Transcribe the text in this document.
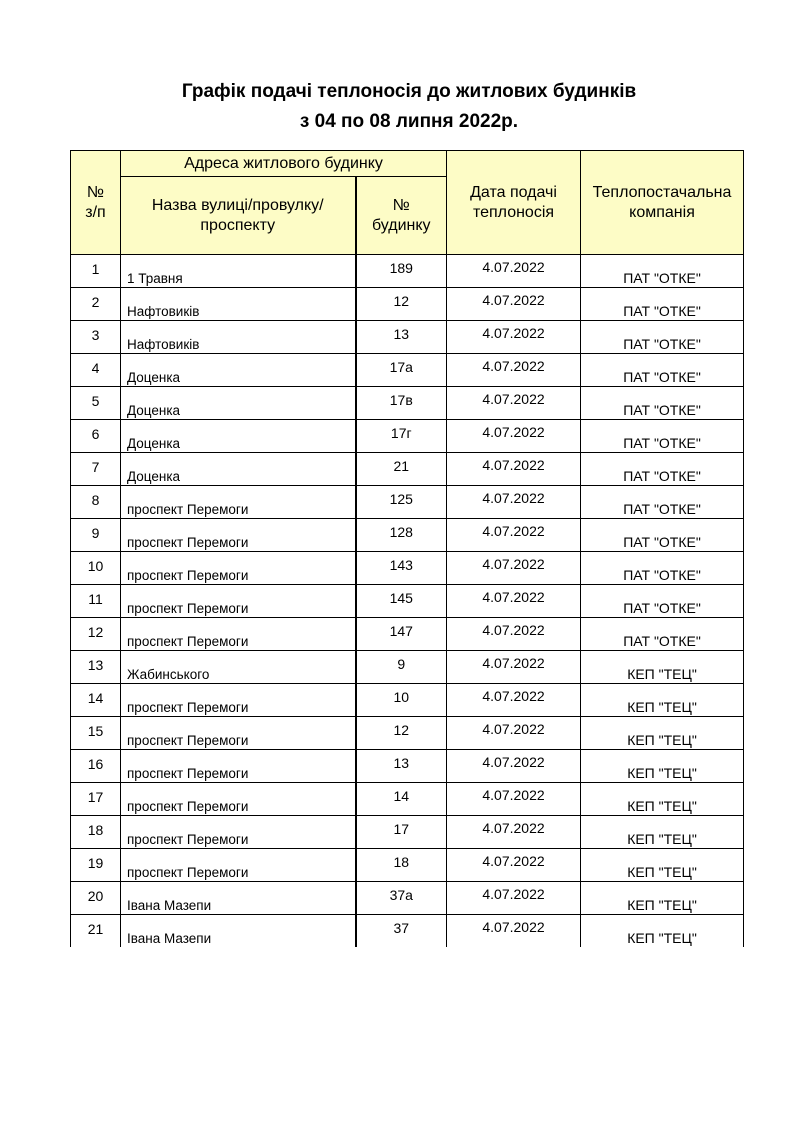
Графік подачі теплоносія до житлових будинків
з 04 по 08 липня 2022р.
№ з/п	Адреса житлового будинку		Дата подачі теплоносія	Теплопостачальна компанія
	Назва вулиці/провулку/проспекту	№ будинку		
1	1 Травня	189	4.07.2022	ПАТ "ОТКЕ"
2	Нафтовиків	12	4.07.2022	ПАТ "ОТКЕ"
3	Нафтовиків	13	4.07.2022	ПАТ "ОТКЕ"
4	Доценка	17а	4.07.2022	ПАТ "ОТКЕ"
5	Доценка	17в	4.07.2022	ПАТ "ОТКЕ"
6	Доценка	17г	4.07.2022	ПАТ "ОТКЕ"
7	Доценка	21	4.07.2022	ПАТ "ОТКЕ"
8	проспект Перемоги	125	4.07.2022	ПАТ "ОТКЕ"
9	проспект Перемоги	128	4.07.2022	ПАТ "ОТКЕ"
10	проспект Перемоги	143	4.07.2022	ПАТ "ОТКЕ"
11	проспект Перемоги	145	4.07.2022	ПАТ "ОТКЕ"
12	проспект Перемоги	147	4.07.2022	ПАТ "ОТКЕ"
13	Жабинського	9	4.07.2022	КЕП "ТЕЦ"
14	проспект Перемоги	10	4.07.2022	КЕП "ТЕЦ"
15	проспект Перемоги	12	4.07.2022	КЕП "ТЕЦ"
16	проспект Перемоги	13	4.07.2022	КЕП "ТЕЦ"
17	проспект Перемоги	14	4.07.2022	КЕП "ТЕЦ"
18	проспект Перемоги	17	4.07.2022	КЕП "ТЕЦ"
19	проспект Перемоги	18	4.07.2022	КЕП "ТЕЦ"
20	Івана Мазепи	37а	4.07.2022	КЕП "ТЕЦ"
21	Івана Мазепи	37	4.07.2022	КЕП "ТЕЦ"
